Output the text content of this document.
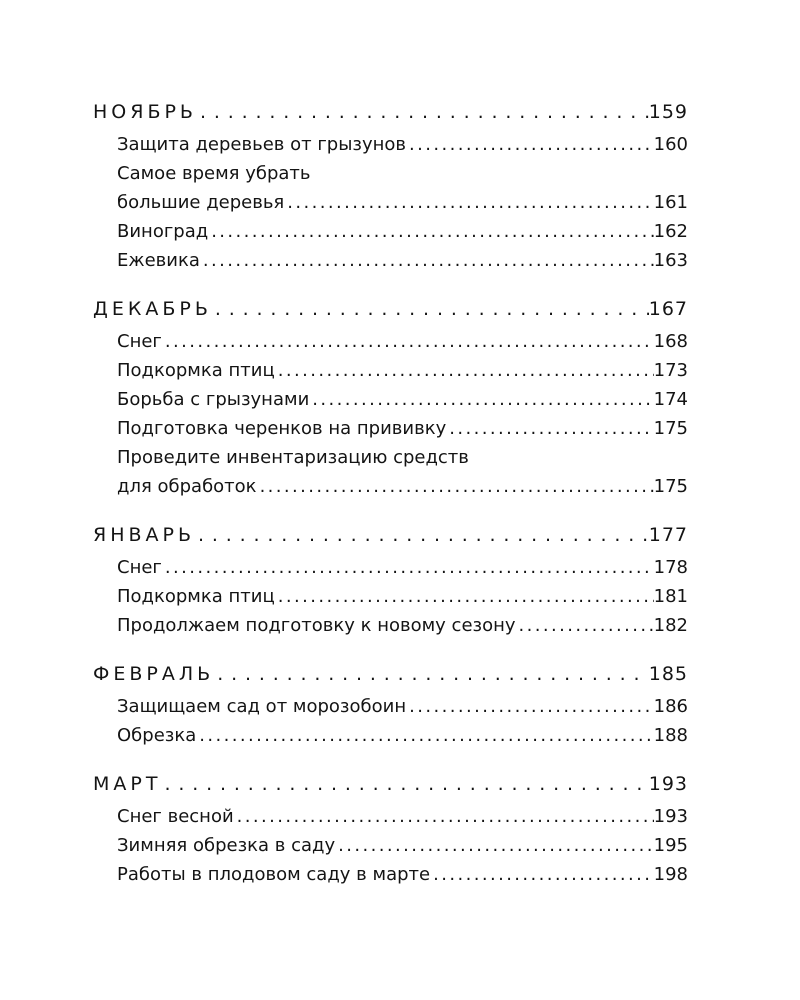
НОЯБРЬ . . .	159
Защита деревьев от грызунов .....	160
Самое время убрать
большие деревья .....	161
Виноград .....	162
Ежевика .....	163
ДЕКАБРЬ . . .	167
Снег .....	168
Подкормка птиц .....	173
Борьба с грызунами .....	174
Подготовка черенков на прививку .....	175
Проведите инвентаризацию средств
для обработок .....	175
ЯНВАРЬ . . .	177
Снег .....	178
Подкормка птиц .....	181
Продолжаем подготовку к новому сезону .....	182
ФЕВРАЛЬ . . .	185
Защищаем сад от морозобоин .....	186
Обрезка .....	188
МАРТ . . .	193
Снег весной .....	193
Зимняя обрезка в саду .....	195
Работы в плодовом саду в марте .....	198
